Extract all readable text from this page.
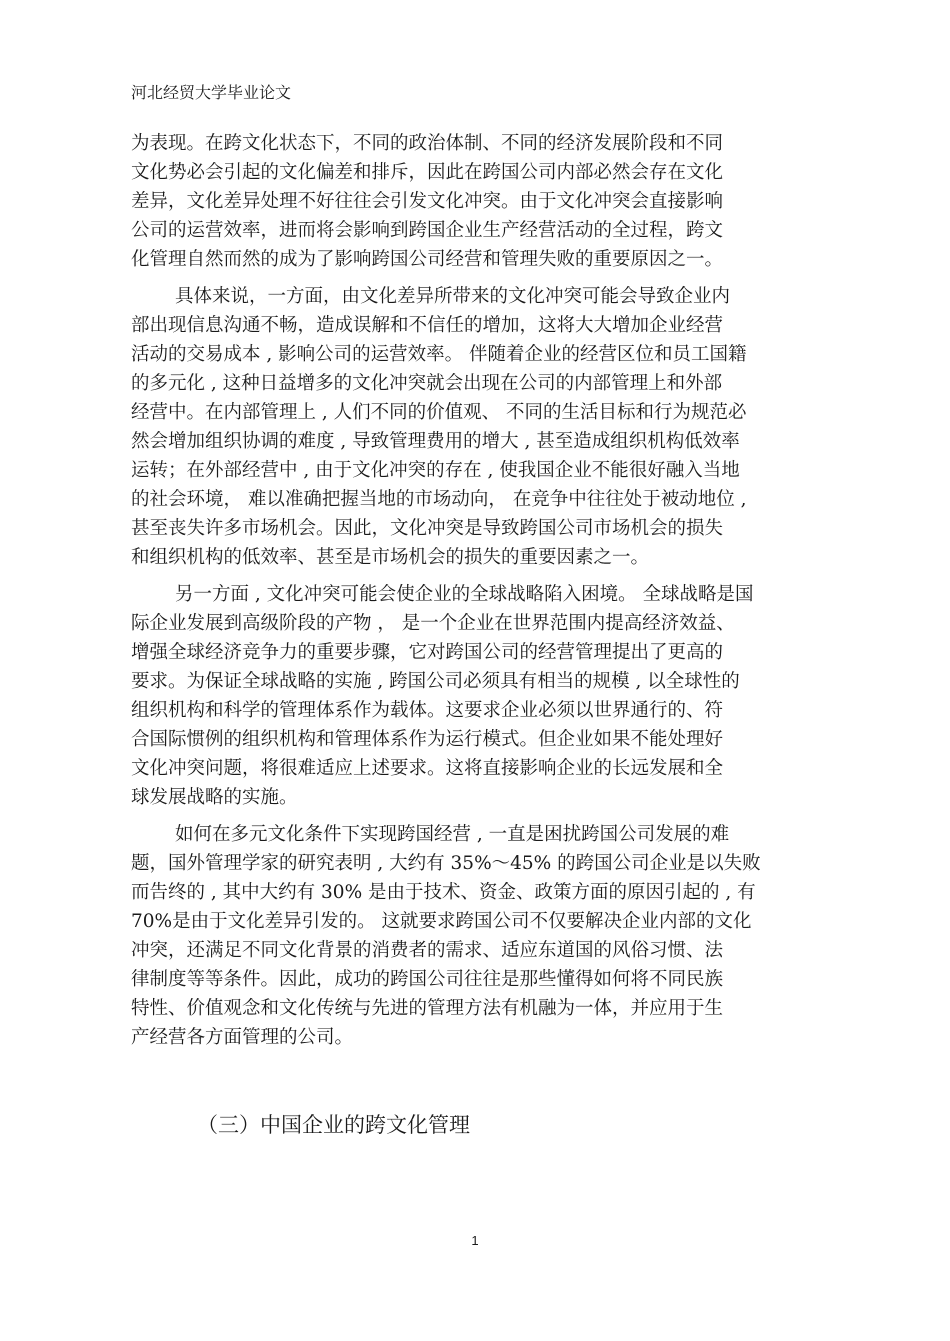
河北经贸大学毕业论文
为表现。在跨文化状态下，不同的政治体制、不同的经济发展阶段和不同
文化势必会引起的文化偏差和排斥，因此在跨国公司内部必然会存在文化
差异，文化差异处理不好往往会引发文化冲突。由于文化冲突会直接影响
公司的运营效率，进而将会影响到跨国企业生产经营活动的全过程，跨文
化管理自然而然的成为了影响跨国公司经营和管理失败的重要原因之一。
具体来说，一方面，由文化差异所带来的文化冲突可能会导致企业内
部出现信息沟通不畅，造成误解和不信任的增加，这将大大增加企业经营
活动的交易成本 , 影响公司的运营效率。 伴随着企业的经营区位和员工国籍
的多元化 , 这种日益增多的文化冲突就会出现在公司的内部管理上和外部
经营中。在内部管理上 , 人们不同的价值观、 不同的生活目标和行为规范必
然会增加组织协调的难度 , 导致管理费用的增大 , 甚至造成组织机构低效率
运转；在外部经营中 , 由于文化冲突的存在 , 使我国企业不能很好融入当地
的社会环境， 难以准确把握当地的市场动向， 在竞争中往往处于被动地位 ,
甚至丧失许多市场机会。因此，文化冲突是导致跨国公司市场机会的损失
和组织机构的低效率、甚至是市场机会的损失的重要因素之一。
另一方面 , 文化冲突可能会使企业的全球战略陷入困境。 全球战略是国
际企业发展到高级阶段的产物 ， 是一个企业在世界范围内提高经济效益、
增强全球经济竞争力的重要步骤，它对跨国公司的经营管理提出了更高的
要求。为保证全球战略的实施 , 跨国公司必须具有相当的规模 , 以全球性的
组织机构和科学的管理体系作为载体。这要求企业必须以世界通行的、符
合国际惯例的组织机构和管理体系作为运行模式。但企业如果不能处理好
文化冲突问题，将很难适应上述要求。这将直接影响企业的长远发展和全
球发展战略的实施。
如何在多元文化条件下实现跨国经营 , 一直是困扰跨国公司发展的难
题，国外管理学家的研究表明 , 大约有 35%～45% 的跨国公司企业是以失败
而告终的 , 其中大约有 30% 是由于技术、资金、政策方面的原因引起的 , 有
70%是由于文化差异引发的。 这就要求跨国公司不仅要解决企业内部的文化
冲突，还满足不同文化背景的消费者的需求、适应东道国的风俗习惯、法
律制度等等条件。因此，成功的跨国公司往往是那些懂得如何将不同民族
特性、价值观念和文化传统与先进的管理方法有机融为一体，并应用于生
产经营各方面管理的公司。
（三）中国企业的跨文化管理
1
